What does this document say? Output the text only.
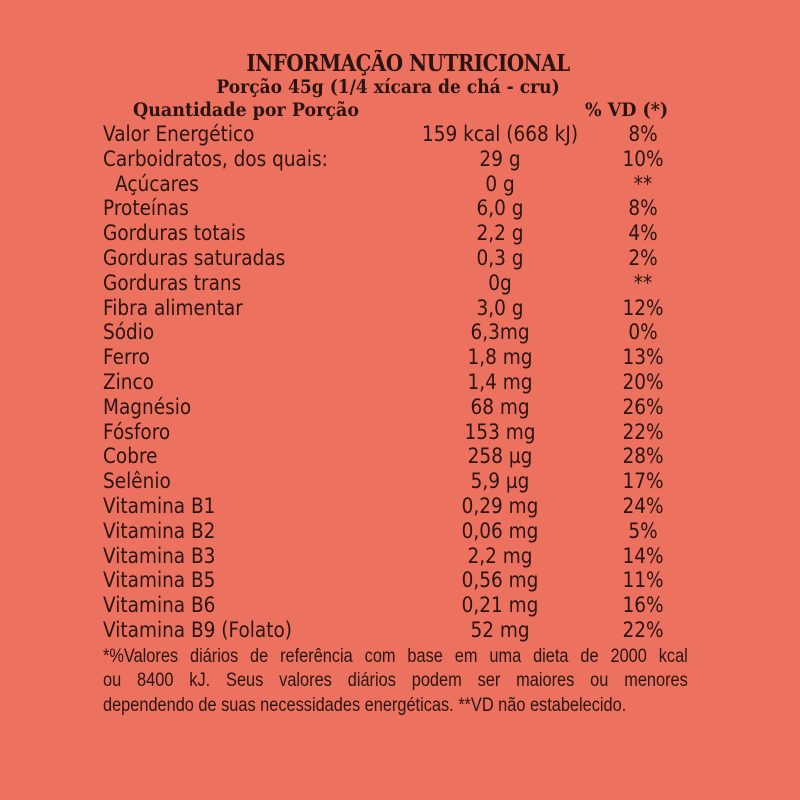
INFORMAÇÃO NUTRICIONAL
Porção 45g (1/4 xícara de chá - cru)
Quantidade por Porção	% VD (*)
Valor Energético	159 kcal (668 kJ)	8%
Carboidratos, dos quais:	29 g	10%
Açúcares	0 g	**
Proteínas	6,0 g	8%
Gorduras totais	2,2 g	4%
Gorduras saturadas	0,3 g	2%
Gorduras trans	0g	**
Fibra alimentar	3,0 g	12%
Sódio	6,3mg	0%
Ferro	1,8 mg	13%
Zinco	1,4 mg	20%
Magnésio	68 mg	26%
Fósforo	153 mg	22%
Cobre	258 µg	28%
Selênio	5,9 µg	17%
Vitamina B1	0,29 mg	24%
Vitamina B2	0,06 mg	5%
Vitamina B3	2,2 mg	14%
Vitamina B5	0,56 mg	11%
Vitamina B6	0,21 mg	16%
Vitamina B9 (Folato)	52 mg	22%
*%Valores diários de referência com base em uma dieta de 2000 kcal
ou 8400 kJ. Seus valores diários podem ser maiores ou menores
dependendo de suas necessidades energéticas. **VD não estabelecido.
